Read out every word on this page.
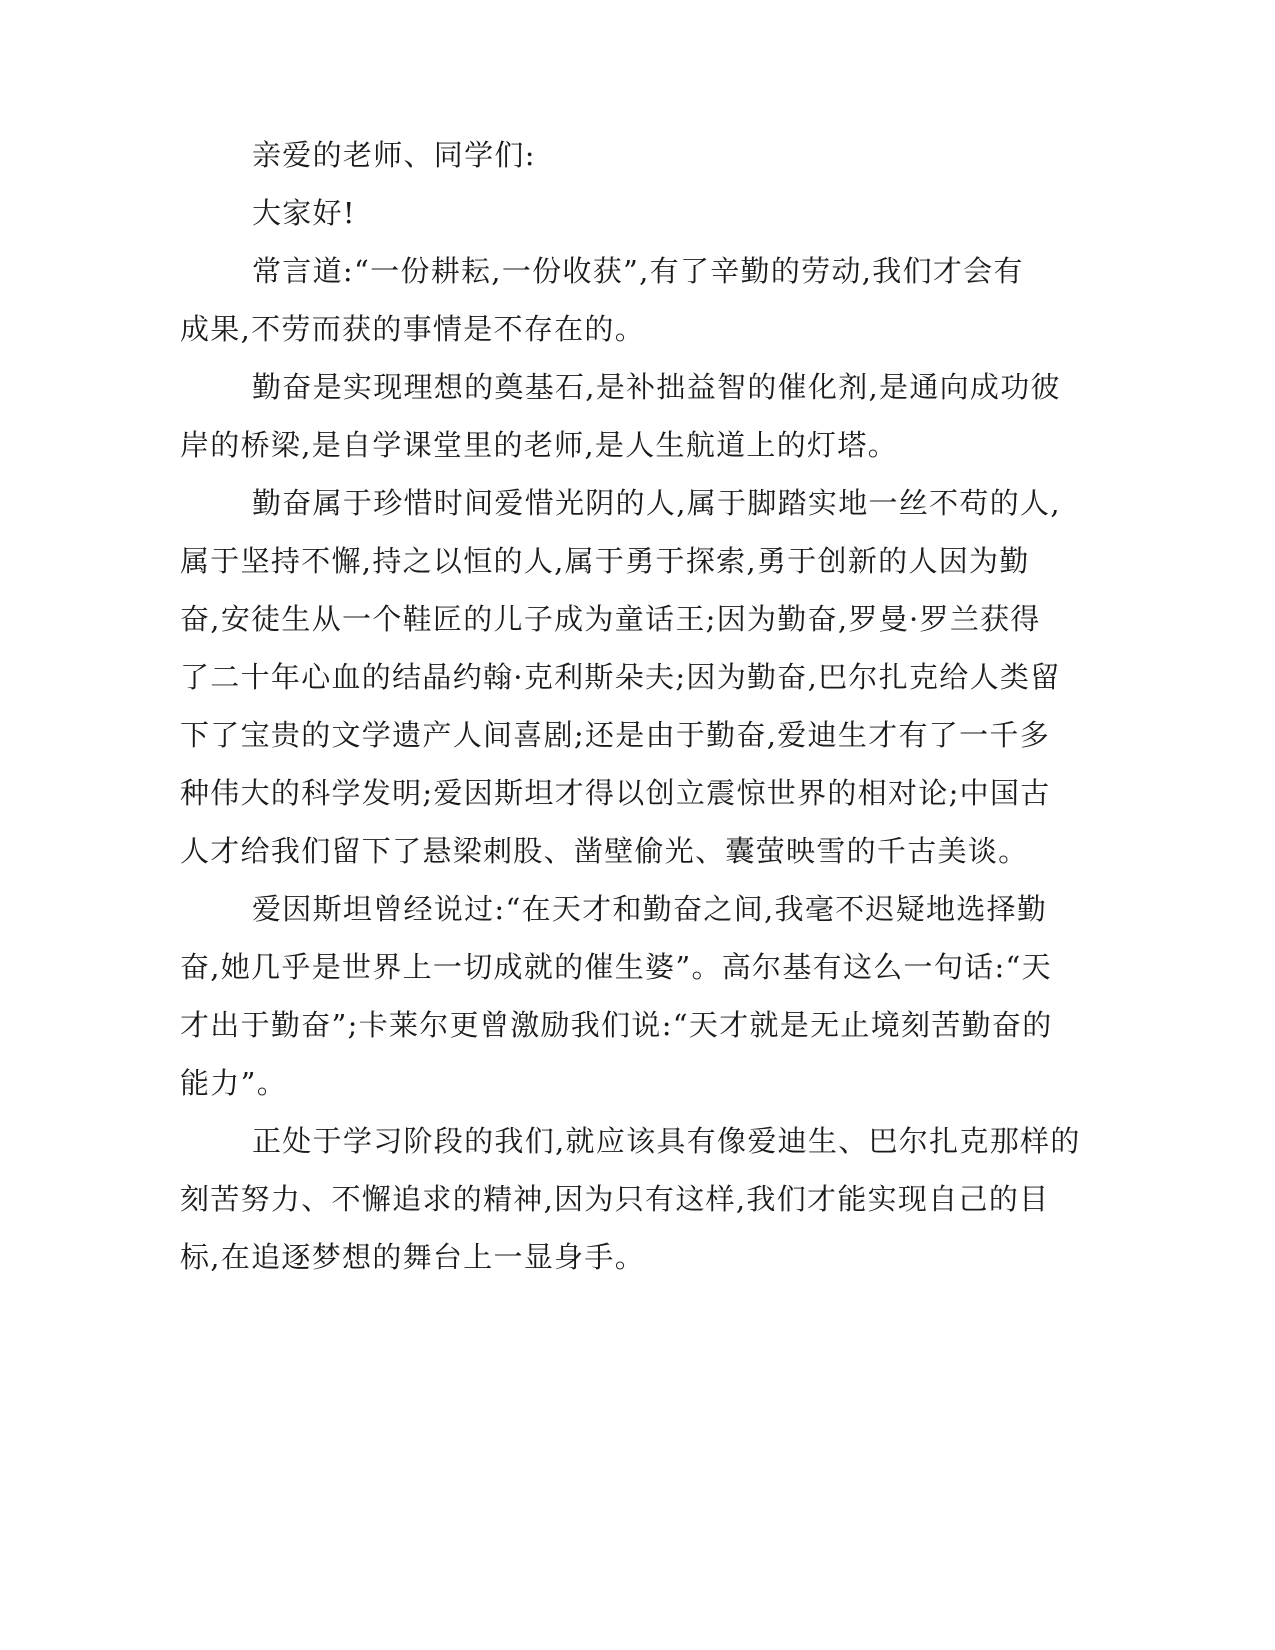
亲爱的老师、同学们:
大家好!
常言道:“一份耕耘,一份收获”,有了辛勤的劳动,我们才会有
成果,不劳而获的事情是不存在的。
勤奋是实现理想的奠基石,是补拙益智的催化剂,是通向成功彼
岸的桥梁,是自学课堂里的老师,是人生航道上的灯塔。
勤奋属于珍惜时间爱惜光阴的人,属于脚踏实地一丝不苟的人,
属于坚持不懈,持之以恒的人,属于勇于探索,勇于创新的人因为勤
奋,安徒生从一个鞋匠的儿子成为童话王;因为勤奋,罗曼·罗兰获得
了二十年心血的结晶约翰·克利斯朵夫;因为勤奋,巴尔扎克给人类留
下了宝贵的文学遗产人间喜剧;还是由于勤奋,爱迪生才有了一千多
种伟大的科学发明;爱因斯坦才得以创立震惊世界的相对论;中国古
人才给我们留下了悬梁刺股、凿壁偷光、囊萤映雪的千古美谈。
爱因斯坦曾经说过:“在天才和勤奋之间,我毫不迟疑地选择勤
奋,她几乎是世界上一切成就的催生婆”。高尔基有这么一句话:“天
才出于勤奋”;卡莱尔更曾激励我们说:“天才就是无止境刻苦勤奋的
能力”。
正处于学习阶段的我们,就应该具有像爱迪生、巴尔扎克那样的
刻苦努力、不懈追求的精神,因为只有这样,我们才能实现自己的目
标,在追逐梦想的舞台上一显身手。
